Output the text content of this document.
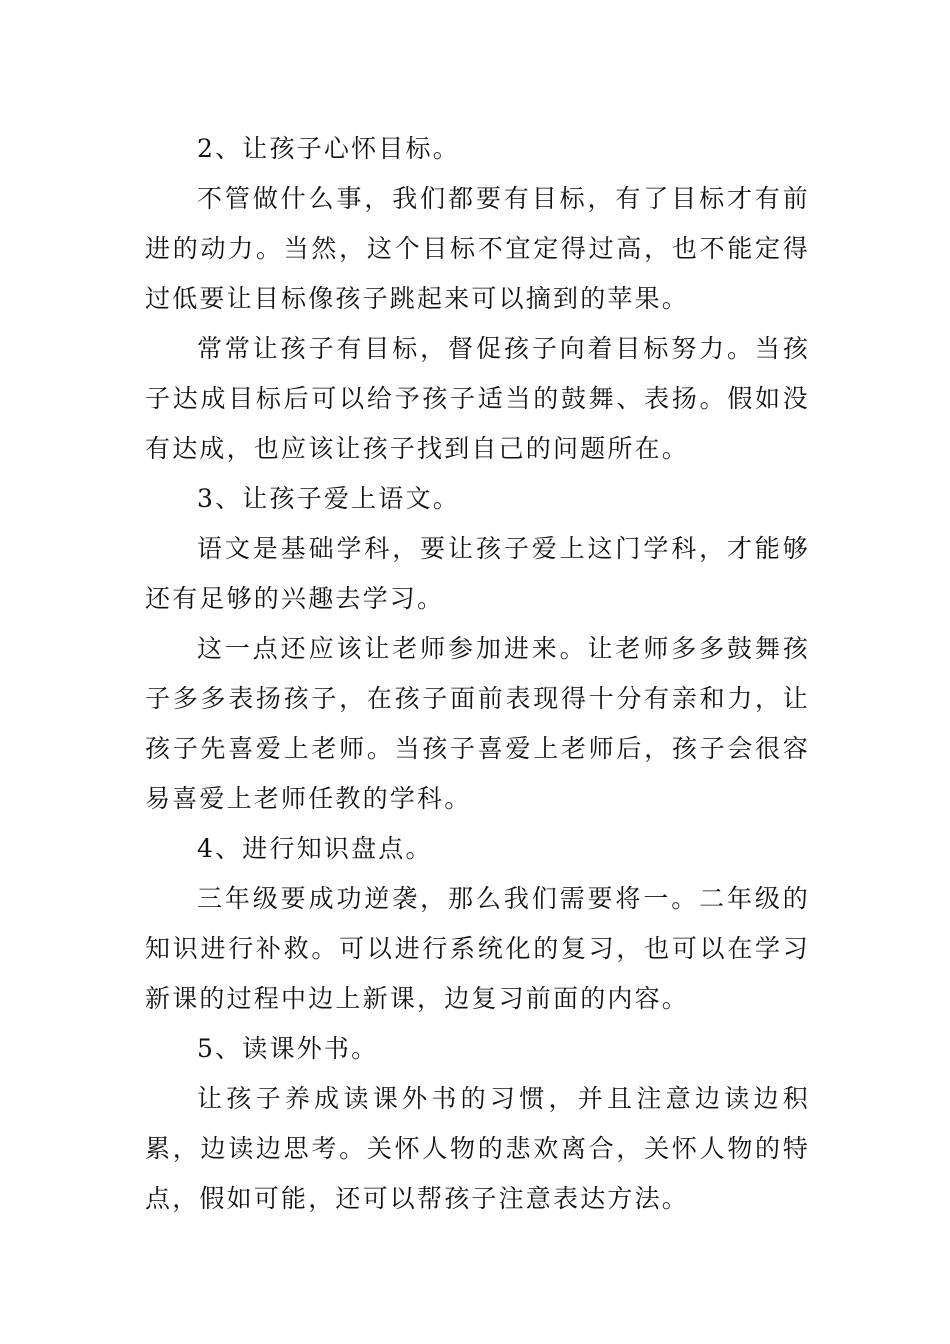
2、让孩子心怀目标。

不管做什么事，我们都要有目标，有了目标才有前进的动力。当然，这个目标不宜定得过高，也不能定得过低要让目标像孩子跳起来可以摘到的苹果。

常常让孩子有目标，督促孩子向着目标努力。当孩子达成目标后可以给予孩子适当的鼓舞、表扬。假如没有达成，也应该让孩子找到自己的问题所在。

3、让孩子爱上语文。

语文是基础学科，要让孩子爱上这门学科，才能够还有足够的兴趣去学习。

这一点还应该让老师参加进来。让老师多多鼓舞孩子多多表扬孩子，在孩子面前表现得十分有亲和力，让孩子先喜爱上老师。当孩子喜爱上老师后，孩子会很容易喜爱上老师任教的学科。

4、进行知识盘点。

三年级要成功逆袭，那么我们需要将一。二年级的知识进行补救。可以进行系统化的复习，也可以在学习新课的过程中边上新课，边复习前面的内容。

5、读课外书。

让孩子养成读课外书的习惯，并且注意边读边积累，边读边思考。关怀人物的悲欢离合，关怀人物的特点，假如可能，还可以帮孩子注意表达方法。
